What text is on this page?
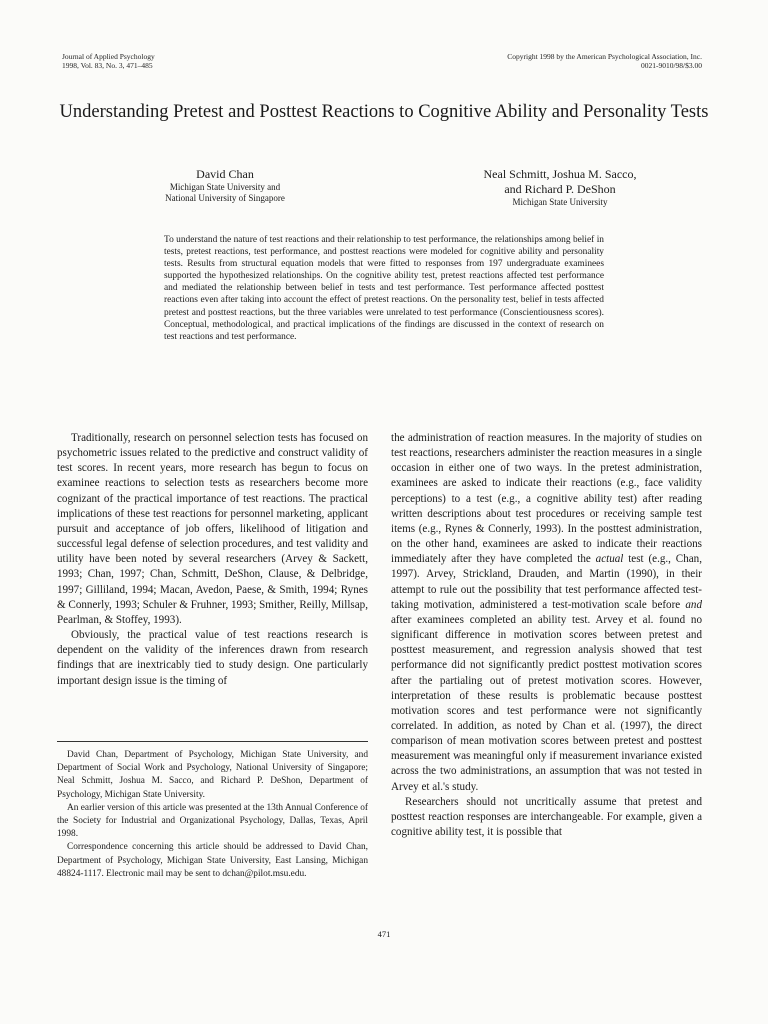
Journal of Applied Psychology
1998, Vol. 83, No. 3, 471–485
Copyright 1998 by the American Psychological Association, Inc.
0021-9010/98/$3.00
Understanding Pretest and Posttest Reactions to Cognitive Ability and Personality Tests
David Chan
Michigan State University and
National University of Singapore
Neal Schmitt, Joshua M. Sacco,
and Richard P. DeShon
Michigan State University

To understand the nature of test reactions and their relationship to test performance, the relationships among belief in tests, pretest reactions, test performance, and posttest reactions were modeled for cognitive ability and personality tests. Results from structural equation models that were fitted to responses from 197 undergraduate examinees supported the hypothesized relationships. On the cognitive ability test, pretest reactions affected test performance and mediated the relationship between belief in tests and test performance. Test performance affected posttest reactions even after taking into account the effect of pretest reactions. On the personality test, belief in tests affected pretest and posttest reactions, but the three variables were unrelated to test performance (Conscientiousness scores). Conceptual, methodological, and practical implications of the findings are discussed in the context of research on test reactions and test performance.

Traditionally, research on personnel selection tests has focused on psychometric issues related to the predictive and construct validity of test scores. In recent years, more research has begun to focus on examinee reactions to selection tests as researchers become more cognizant of the practical importance of test reactions. The practical implications of these test reactions for personnel marketing, applicant pursuit and acceptance of job offers, likelihood of litigation and successful legal defense of selection procedures, and test validity and utility have been noted by several researchers (Arvey & Sackett, 1993; Chan, 1997; Chan, Schmitt, DeShon, Clause, & Delbridge, 1997; Gilliland, 1994; Macan, Avedon, Paese, & Smith, 1994; Rynes & Connerly, 1993; Schuler & Fruhner, 1993; Smither, Reilly, Millsap, Pearlman, & Stoffey, 1993).

Obviously, the practical value of test reactions research is dependent on the validity of the inferences drawn from research findings that are inextricably tied to study design. One particularly important design issue is the timing of

David Chan, Department of Psychology, Michigan State University, and Department of Social Work and Psychology, National University of Singapore; Neal Schmitt, Joshua M. Sacco, and Richard P. DeShon, Department of Psychology, Michigan State University.

An earlier version of this article was presented at the 13th Annual Conference of the Society for Industrial and Organizational Psychology, Dallas, Texas, April 1998.

Correspondence concerning this article should be addressed to David Chan, Department of Psychology, Michigan State University, East Lansing, Michigan 48824-1117. Electronic mail may be sent to dchan@pilot.msu.edu.

the administration of reaction measures. In the majority of studies on test reactions, researchers administer the reaction measures in a single occasion in either one of two ways. In the pretest administration, examinees are asked to indicate their reactions (e.g., face validity perceptions) to a test (e.g., a cognitive ability test) after reading written descriptions about test procedures or receiving sample test items (e.g., Rynes & Connerly, 1993). In the posttest administration, on the other hand, examinees are asked to indicate their reactions immediately after they have completed the actual test (e.g., Chan, 1997). Arvey, Strickland, Drauden, and Martin (1990), in their attempt to rule out the possibility that test performance affected test-taking motivation, administered a test-motivation scale before and after examinees completed an ability test. Arvey et al. found no significant difference in motivation scores between pretest and posttest measurement, and regression analysis showed that test performance did not significantly predict posttest motivation scores after the partialing out of pretest motivation scores. However, interpretation of these results is problematic because posttest motivation scores and test performance were not significantly correlated. In addition, as noted by Chan et al. (1997), the direct comparison of mean motivation scores between pretest and posttest measurement was meaningful only if measurement invariance existed across the two administrations, an assumption that was not tested in Arvey et al.'s study.

Researchers should not uncritically assume that pretest and posttest reaction responses are interchangeable. For example, given a cognitive ability test, it is possible that

471
